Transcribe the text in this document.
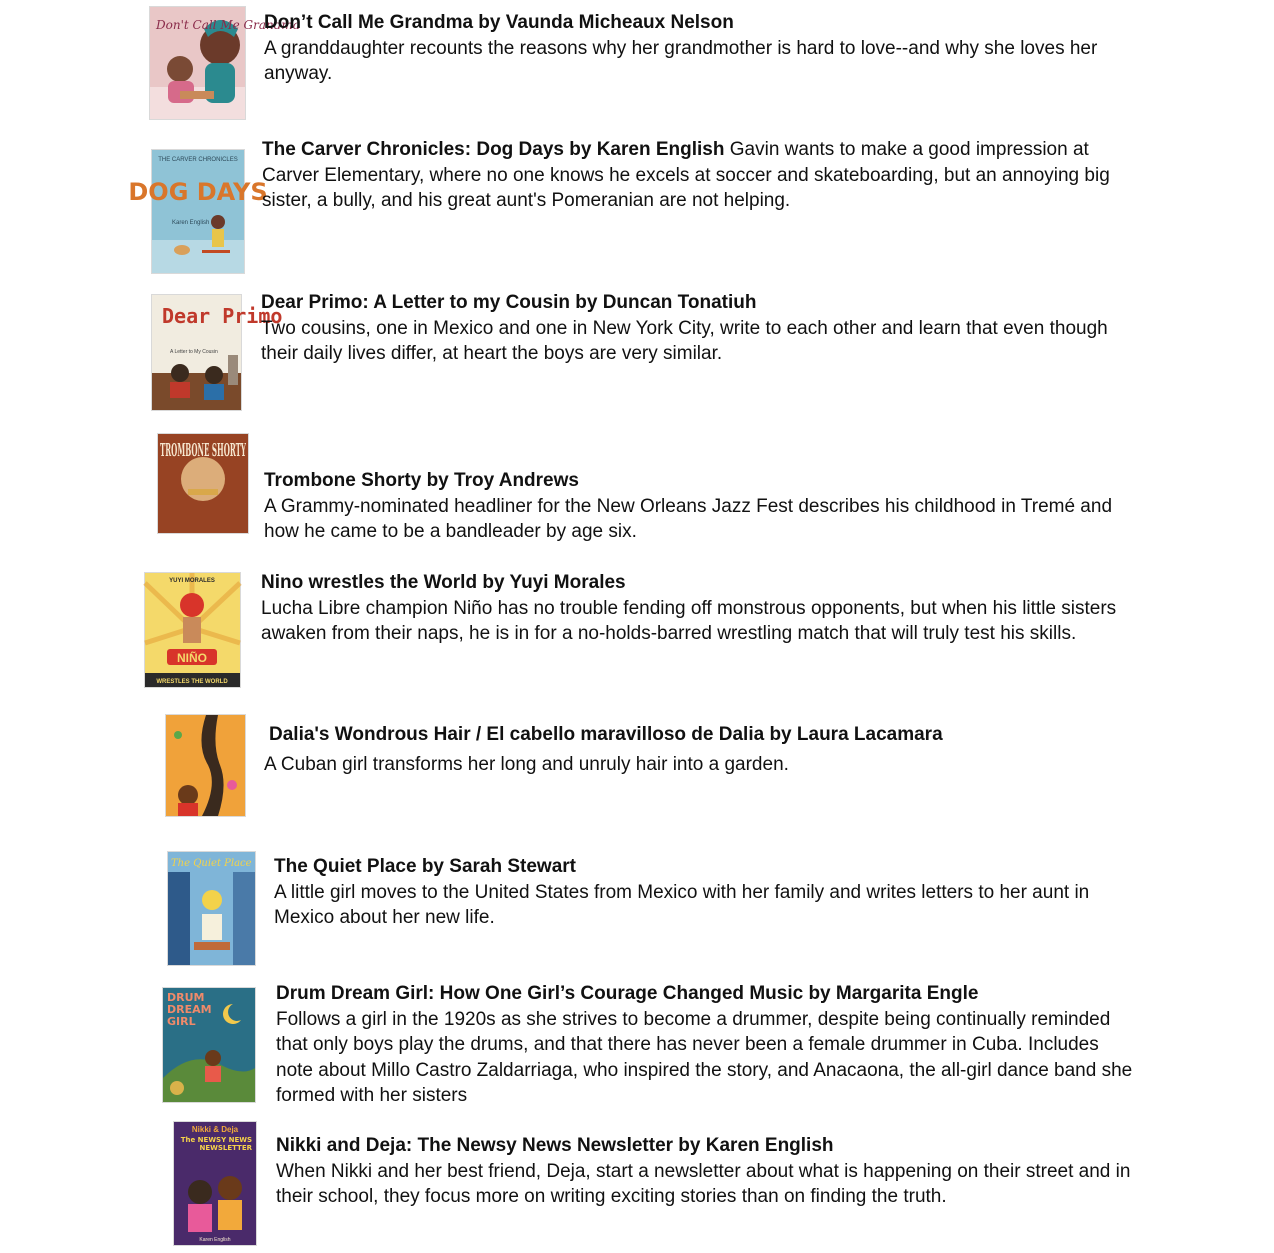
Don't Call Me Grandma
Don’t Call Me Grandma by Vaunda Micheaux Nelson
A granddaughter recounts the reasons why her grandmother is hard to love--and why she loves her anyway.
THE CARVER CHRONICLES
DOG DAYS
Karen English
The Carver Chronicles: Dog Days by Karen English Gavin wants to make a good impression at Carver Elementary, where no one knows he excels at soccer and skateboarding, but an annoying big sister, a bully, and his great aunt's Pomeranian are not helping.
Dear Primo
A Letter to My Cousin
Dear Primo: A Letter to my Cousin by Duncan Tonatiuh
Two cousins, one in Mexico and one in New York City, write to each other and learn that even though their daily lives differ, at heart the boys are very similar.
TROMBONE SHORTY
Trombone Shorty by Troy Andrews
A Grammy-nominated headliner for the New Orleans Jazz Fest describes his childhood in Tremé and how he came to be a bandleader by age six.
YUYI MORALES
NIÑO
WRESTLES THE WORLD
Nino wrestles the World by Yuyi Morales
Lucha Libre champion Niño has no trouble fending off monstrous opponents, but when his little sisters awaken from their naps, he is in for a no-holds-barred wrestling match that will truly test his skills.
Dalia's Wondrous Hair / El cabello maravilloso de Dalia by Laura Lacamara
A Cuban girl transforms her long and unruly hair into a garden.
The Quiet Place The Quiet Place by Sarah Stewart
A little girl moves to the United States from Mexico with her family and writes letters to her aunt in Mexico about her new life.
DRUM DREAM GIRL
Drum Dream Girl: How One Girl’s Courage Changed Music by Margarita Engle
Follows a girl in the 1920s as she strives to become a drummer, despite being continually reminded that only boys play the drums, and that there has never been a female drummer in Cuba. Includes note about Millo Castro Zaldarriaga, who inspired the story, and Anacaona, the all-girl dance band she formed with her sisters
Nikki & Deja
The NEWSY NEWS NEWSLETTER
Karen English
Nikki and Deja: The Newsy News Newsletter by Karen English
When Nikki and her best friend, Deja, start a newsletter about what is happening on their street and in their school, they focus more on writing exciting stories than on finding the truth.
